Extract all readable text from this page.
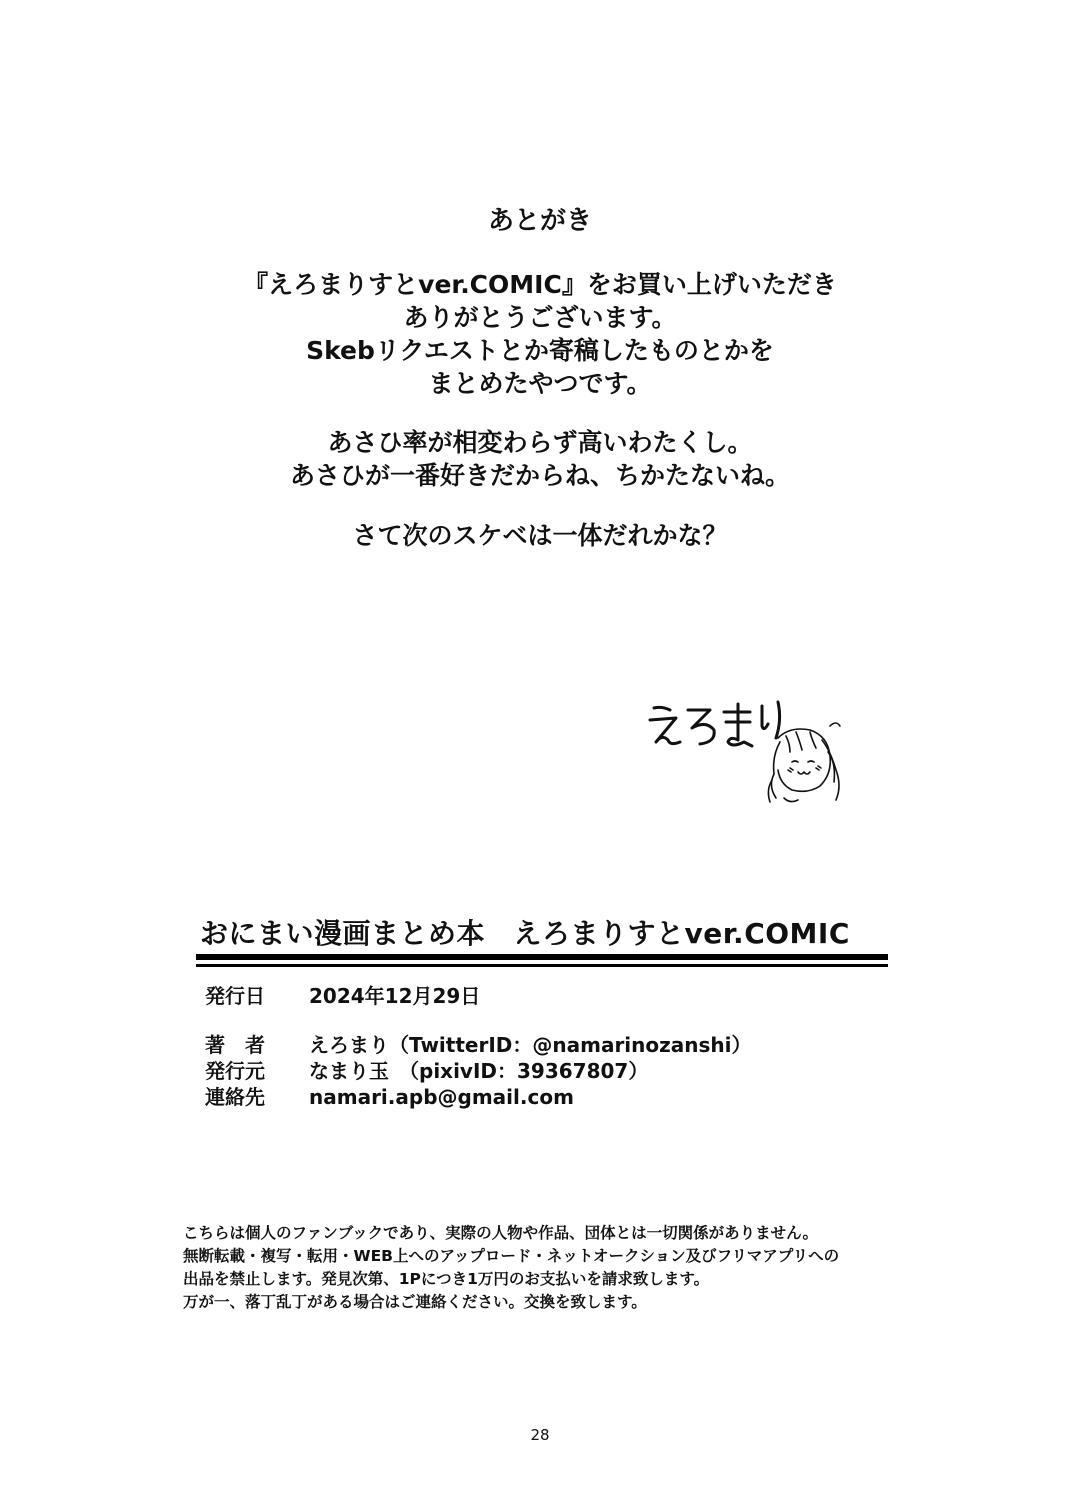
あとがき
『えろまりすとver.COMIC』をお買い上げいただき
ありがとうございます。
Skebリクエストとか寄稿したものとかを
まとめたやつです。
あさひ率が相変わらず高いわたくし。
あさひが一番好きだからね、ちかたないね。
さて次のスケベは一体だれかな？
おにまい漫画まとめ本　えろまりすとver.COMIC
発行日 2024年12月29日
著　者 えろまり（TwitterID：@namarinozanshi）
発行元 なまり玉　（pixivID：39367807）
連絡先 namari.apb@gmail.com
こちらは個人のファンブックであり、実際の人物や作品、団体とは一切関係がありません。
無断転載・複写・転用・WEB上へのアップロード・ネットオークション及びフリマアプリへの
出品を禁止します。発見次第、1Pにつき1万円のお支払いを請求致します。
万が一、落丁乱丁がある場合はご連絡ください。交換を致します。
28
